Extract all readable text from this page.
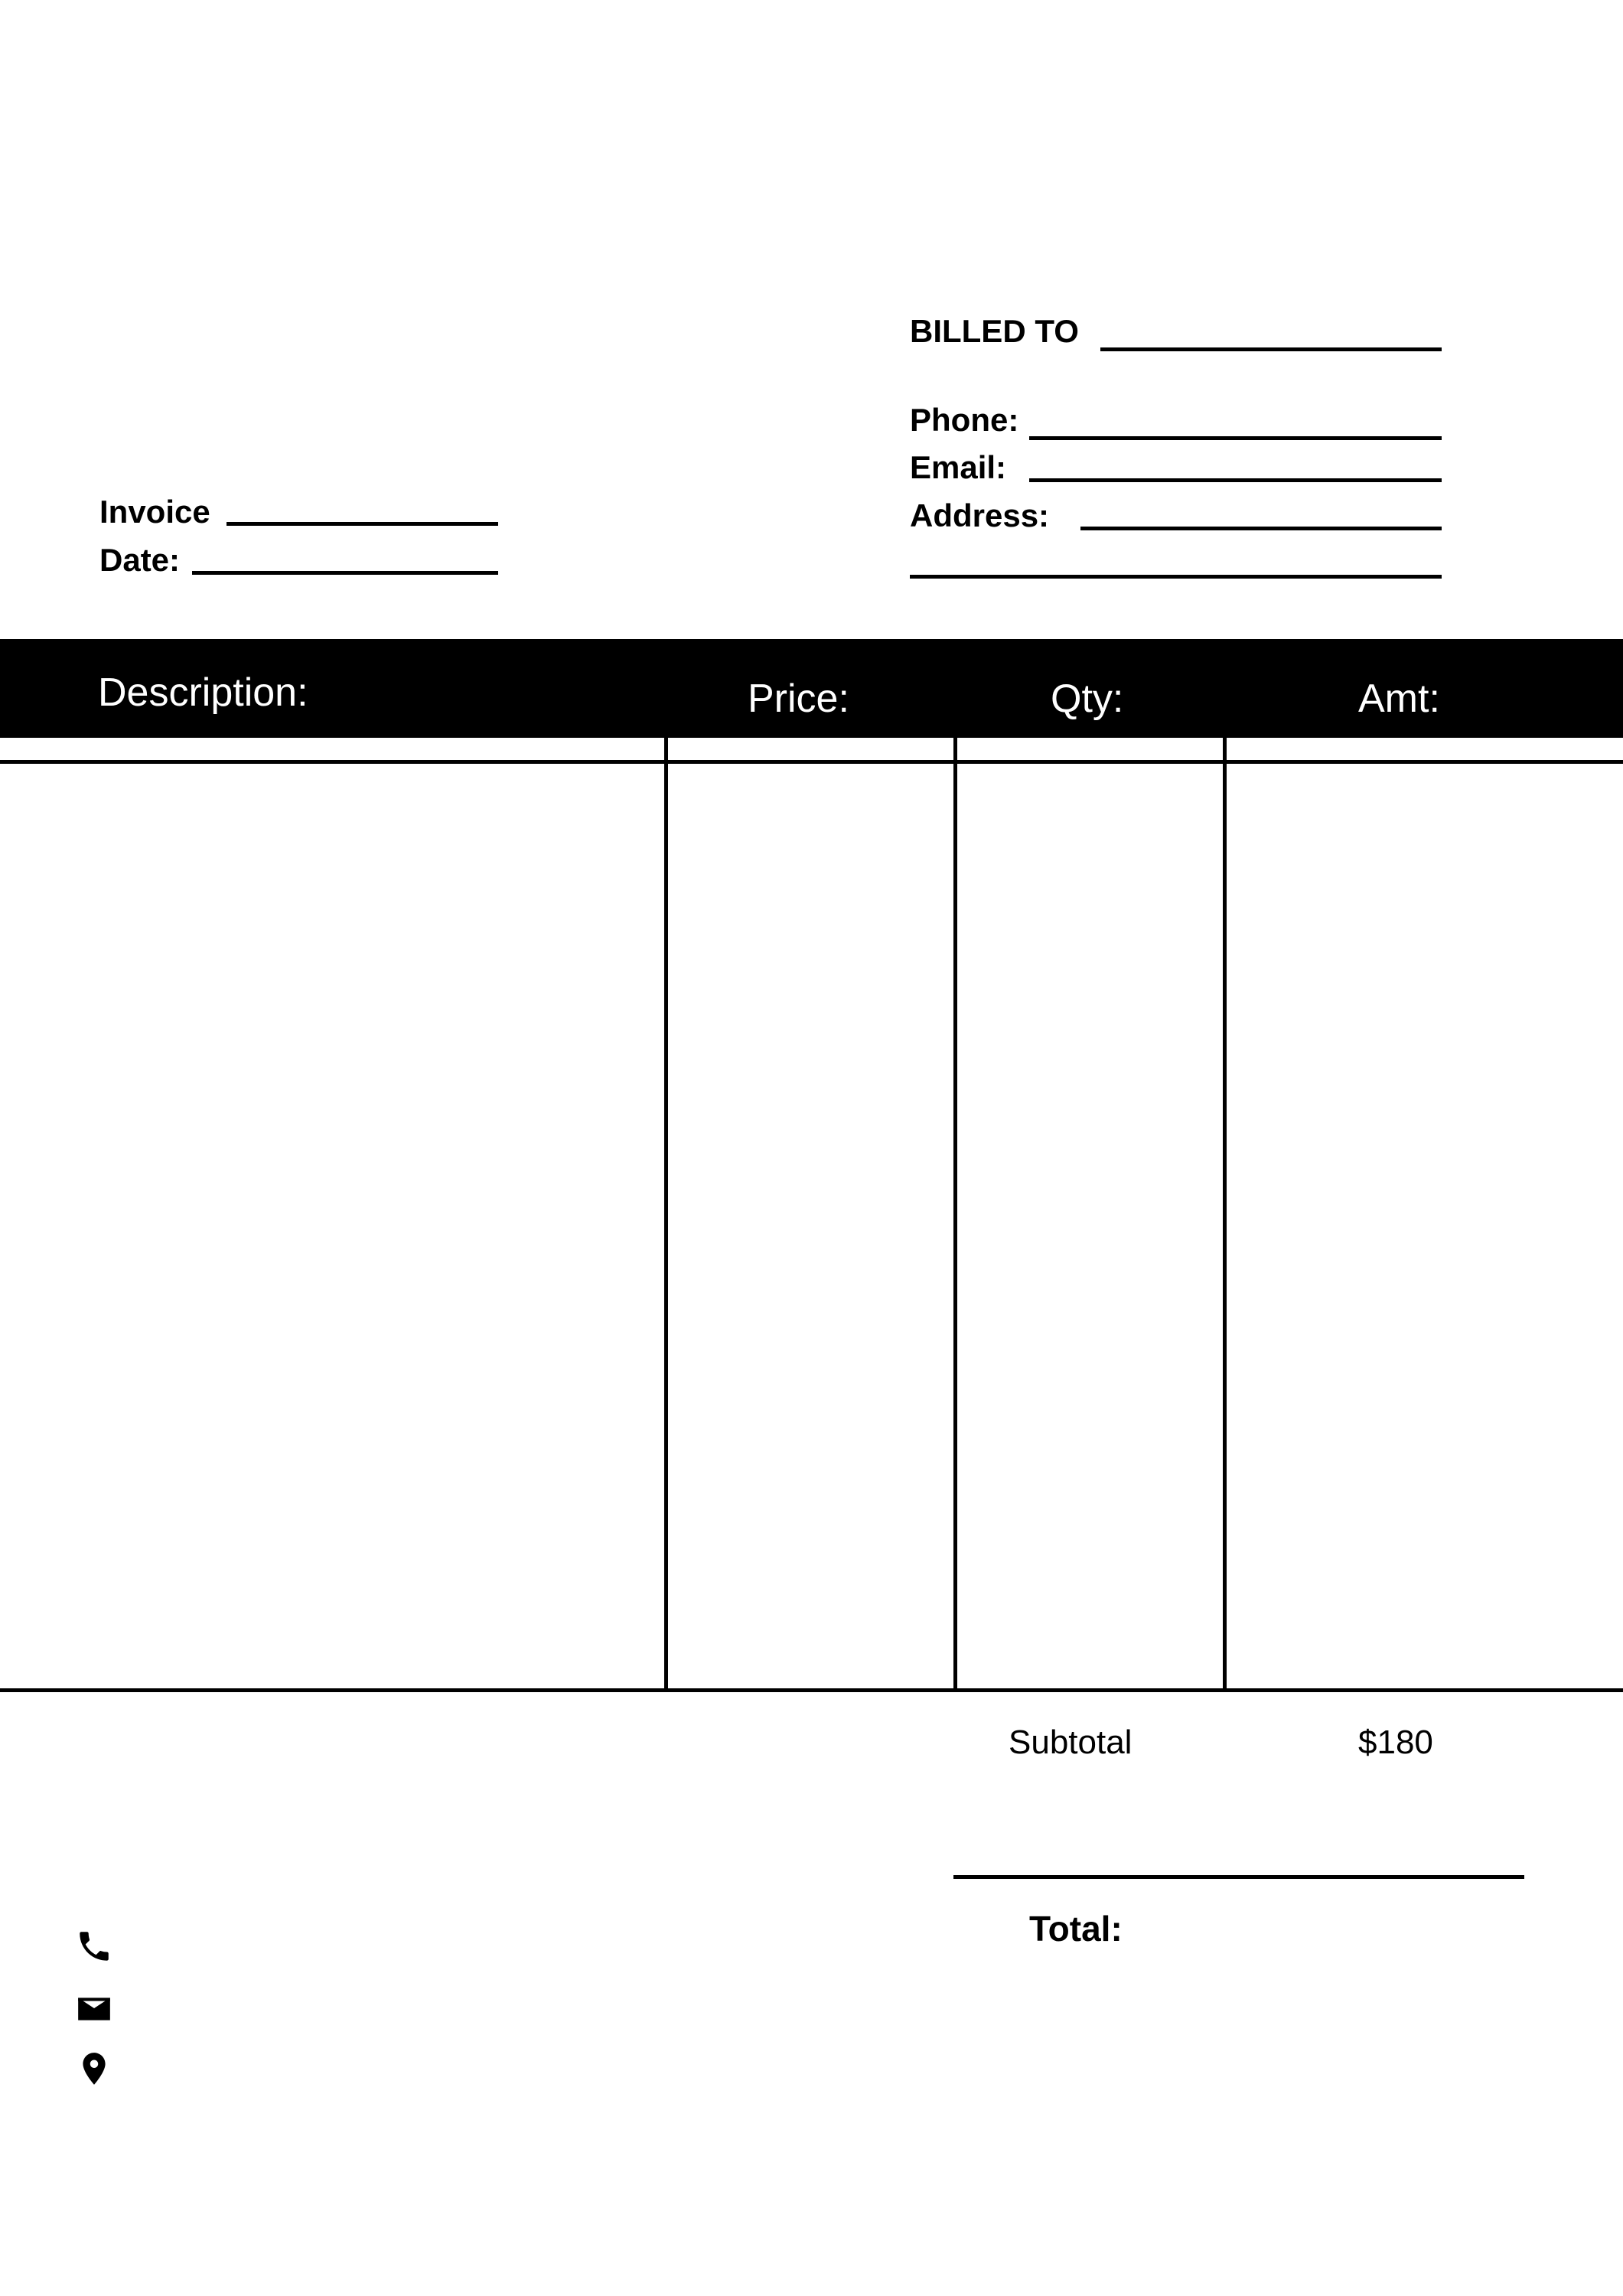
BILLED TO
Phone:
Email:
Address:
Invoice
Date:
Description:	Price:	Qty:	Amt:
Subtotal	$180
Total:
